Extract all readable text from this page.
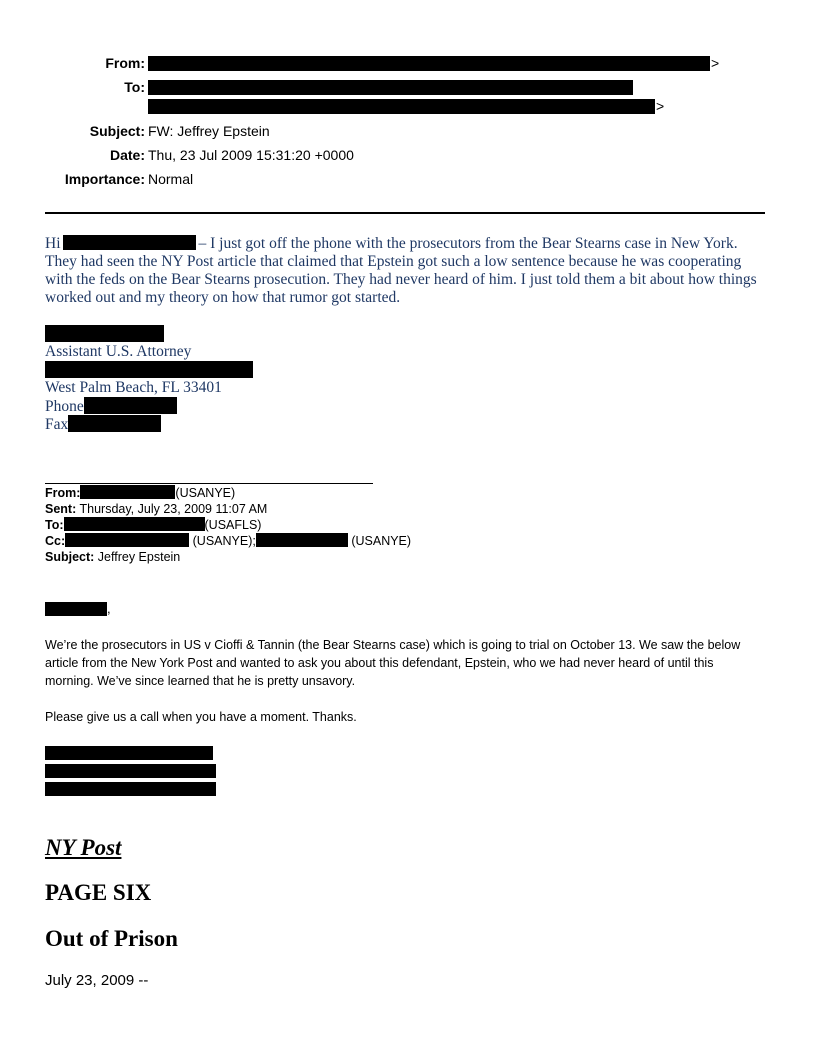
From:	>
To:
>
Subject: FW: Jeffrey Epstein
Date: Thu, 23 Jul 2009 15:31:20 +0000
Importance: Normal
Hi	– I just got off the phone with the prosecutors from the Bear Stearns case in New York. They had seen the NY Post article that claimed that Epstein got such a low sentence because he was cooperating with the feds on the Bear Stearns prosecution. They had never heard of him. I just told them a bit about how things worked out and my theory on how that rumor got started.
Assistant U.S. Attorney
West Palm Beach, FL 33401
Phone
Fax
From:	(USANYE)
Sent: Thursday, July 23, 2009 11:07 AM
To:	(USAFLS)
Cc:	(USANYE);	(USANYE)
Subject: Jeffrey Epstein
,
We’re the prosecutors in US v Cioffi & Tannin (the Bear Stearns case) which is going to trial on October 13. We saw the below article from the New York Post and wanted to ask you about this defendant, Epstein, who we had never heard of until this morning. We’ve since learned that he is pretty unsavory.
Please give us a call when you have a moment. Thanks.
NY Post
PAGE SIX
Out of Prison
July 23, 2009 --
